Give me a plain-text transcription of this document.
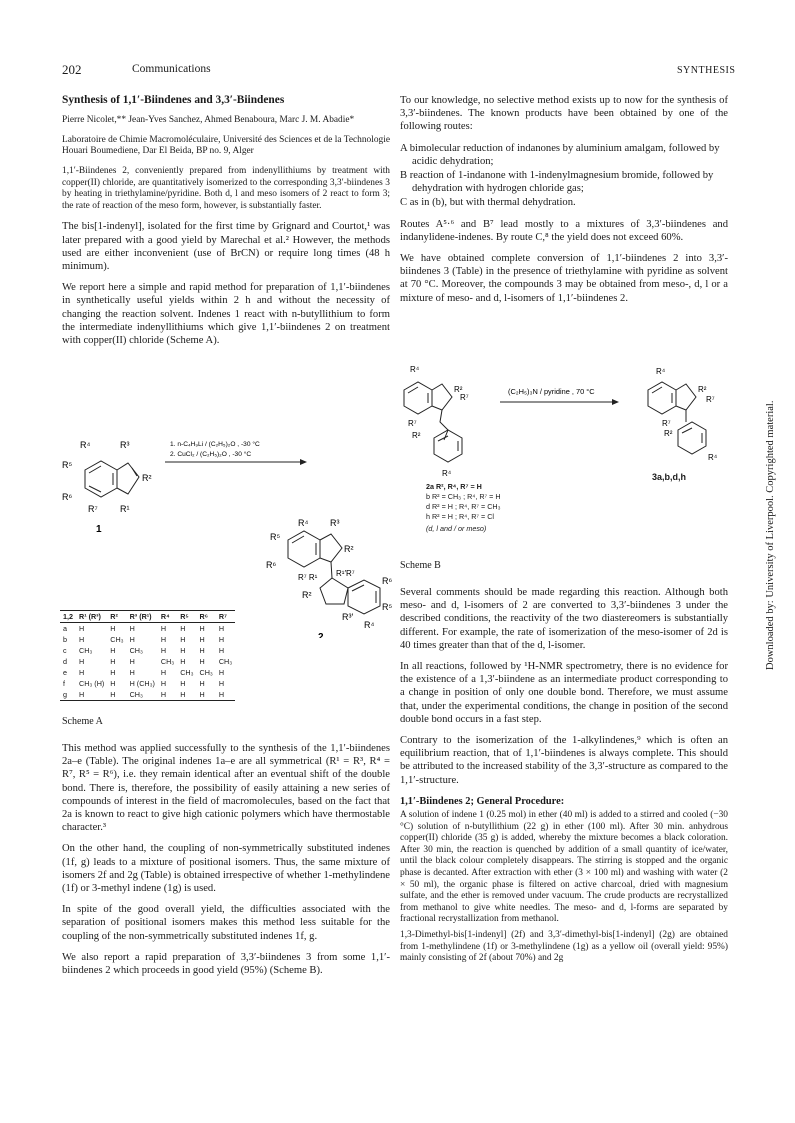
202	Communications	SYNTHESIS
Downloaded by: University of Liverpool. Copyrighted material.
Synthesis of 1,1′-Biindenes and 3,3′-Biindenes

Pierre Nicolet,** Jean-Yves Sanchez, Ahmed Benaboura, Marc J. M. Abadie*

Laboratoire de Chimie Macromoléculaire, Université des Sciences et de la Technologie Houari Boumediene, Dar El Beida, BP no. 9, Alger

1,1′-Biindenes 2, conveniently prepared from indenyllithiums by treatment with copper(II) chloride, are quantitatively isomerized to the corresponding 3,3′-biindenes 3 by heating in triethylamine/pyridine. Both d, l and meso isomers of 2 react to form 3; the rate of reaction of the meso form, however, is substantially faster.

The bis[1-indenyl], isolated for the first time by Grignard and Courtot,¹ was later prepared with a good yield by Marechal et al.² However, the methods used are either inconvenient (use of BrCN) or require long times (48 h minimum).

We report here a simple and rapid method for preparation of 1,1′-biindenes in synthetically useful yields within 2 h and without the necessity of changing the reaction solvent. Indenes 1 react with n-butyllithium to form the intermediate indenyllithiums which give 1,1′-biindenes 2 on treatment with copper(II) chloride (Scheme A).

R⁴	R³
R⁵
R²
R⁶
R⁷ R¹
1
1. n-C₄H₉Li / (C₂H₅)₂O , -30 °C
2. CuCl₂ / (C₂H₅)₂O , -30 °C
R⁴ R³
R⁵
R²
R⁶
R⁷ R¹ R¹′R⁷
R⁶
R²
R⁵
R³′
R⁴
2
1,2	R¹ (R³)	R²	R³ (R¹)	R⁴	R⁵	R⁶	R⁷
a	H	H	H	H	H	H	H
b	H	CH₃	H	H	H	H	H
c	CH₃	H	CH₃	H	H	H	H
d	H	H	H	CH₃	H	H	CH₃
e	H	H	H	H	CH₃	CH₃	H
f	CH₃ (H)	H	H (CH₃)	H	H	H	H
g	H	H	CH₃	H	H	H	H
Scheme A

This method was applied successfully to the synthesis of the 1,1′-biindenes 2a–e (Table). The original indenes 1a–e are all symmetrical (R¹ = R³, R⁴ = R⁷, R⁵ = R⁶), i.e. they remain identical after an eventual shift of the double bond. There is, therefore, the possibility of easily attaining a new series of compounds of interest in the field of macromolecules, based on the fact that 2a is known to react to give high cationic polymers which have thermostable character.³

On the other hand, the coupling of non-symmetrically substituted indenes (1f, g) leads to a mixture of positional isomers. Thus, the same mixture of isomers 2f and 2g (Table) is obtained irrespective of whether 1-methylindene (1f) or 3-methyl indene (1g) is used.

In spite of the good overall yield, the difficulties associated with the separation of positional isomers makes this method less suitable for the coupling of the non-symmetrically substituted indenes 1f, g.

We also report a rapid preparation of 3,3′-biindenes 3 from some 1,1′-biindenes 2 which proceeds in good yield (95%) (Scheme B).

To our knowledge, no selective method exists up to now for the synthesis of 3,3′-biindenes. The known products have been obtained by one of the following routes:

A bimolecular reduction of indanones by aluminium amalgam, followed by acidic dehydration;
B reaction of 1-indanone with 1-indenylmagnesium bromide, followed by dehydration with hydrogen chloride gas;
C as in (b), but with thermal dehydration.

Routes A⁵·⁶ and B⁷ lead mostly to a mixtures of 3,3′-biindenes and indanylidene-indenes. By route C,⁸ the yield does not exceed 60%.

We have obtained complete conversion of 1,1′-biindenes 2 into 3,3′-biindenes 3 (Table) in the presence of triethylamine with pyridine as solvent at 70 °C. Moreover, the compounds 3 may be obtained from meso-, d, l or a mixture of meso- and d, l-isomers of 1,1′-biindenes 2.

R⁴
R²
R⁷
R⁷
R²
R⁴
(C₂H₅)₃N / pyridine , 70 °C
R⁴
R²
R⁷
R⁷
R²
R⁴
2a R², R⁴, R⁷ = H
b R² = CH₃ ; R⁴, R⁷ = H
d R² = H ; R⁴, R⁷ = CH₃
h R² = H ; R⁴, R⁷ = Cl
(d, l and / or meso)
3a,b,d,h
Scheme B

Several comments should be made regarding this reaction. Although both meso- and d, l-isomers of 2 are converted to 3,3′-biindenes 3 under the described conditions, the reactivity of the two diastereomers is substantially different. For example, the rate of isomerization of the meso-isomer of 2d is 40 times greater than that of the d, l-isomer.

In all reactions, followed by ¹H-NMR spectrometry, there is no evidence for the existence of a 1,3′-biindene as an intermediate product corresponding to a change in position of only one double bond. Therefore, we must assume that, under the experimental conditions, the change in position of the second double bond occurs in a fast step.

Contrary to the isomerization of the 1-alkylindenes,⁹ which is often an equilibrium reaction, that of 1,1′-biindenes is always complete. This should be attributed to the increased stability of the 3,3′-structure as compared to the 1,1′-structure.

1,1′-Biindenes 2; General Procedure:

A solution of indene 1 (0.25 mol) in ether (40 ml) is added to a stirred and cooled (−30 °C) solution of n-butyllithium (22 g) in ether (100 ml). After 30 min. anhydrous copper(II) chloride (35 g) is added, whereby the mixture becomes a black coloration. After 30 min, the reaction is quenched by addition of a small quantity of ice/water, until the black colour completely disappears. The stirring is stopped and the organic phase is decanted. After extraction with ether (3 × 100 ml) and washing with water (2 × 50 ml), the organic phase is filtered on active charcoal, dried with magnesium sulfate, and the ether is removed under vacuum. The crude products are recrystallized from methanol to give white needles. The meso- and d, l-forms are separated by fractional recrystallization from methanol.

1,3-Dimethyl-bis[1-indenyl] (2f) and 3,3′-dimethyl-bis[1-indenyl] (2g) are obtained from 1-methylindene (1f) or 3-methylindene (1g) as a yellow oil (overall yield: 95%) mainly consisting of 2f (about 70%) and 2g
